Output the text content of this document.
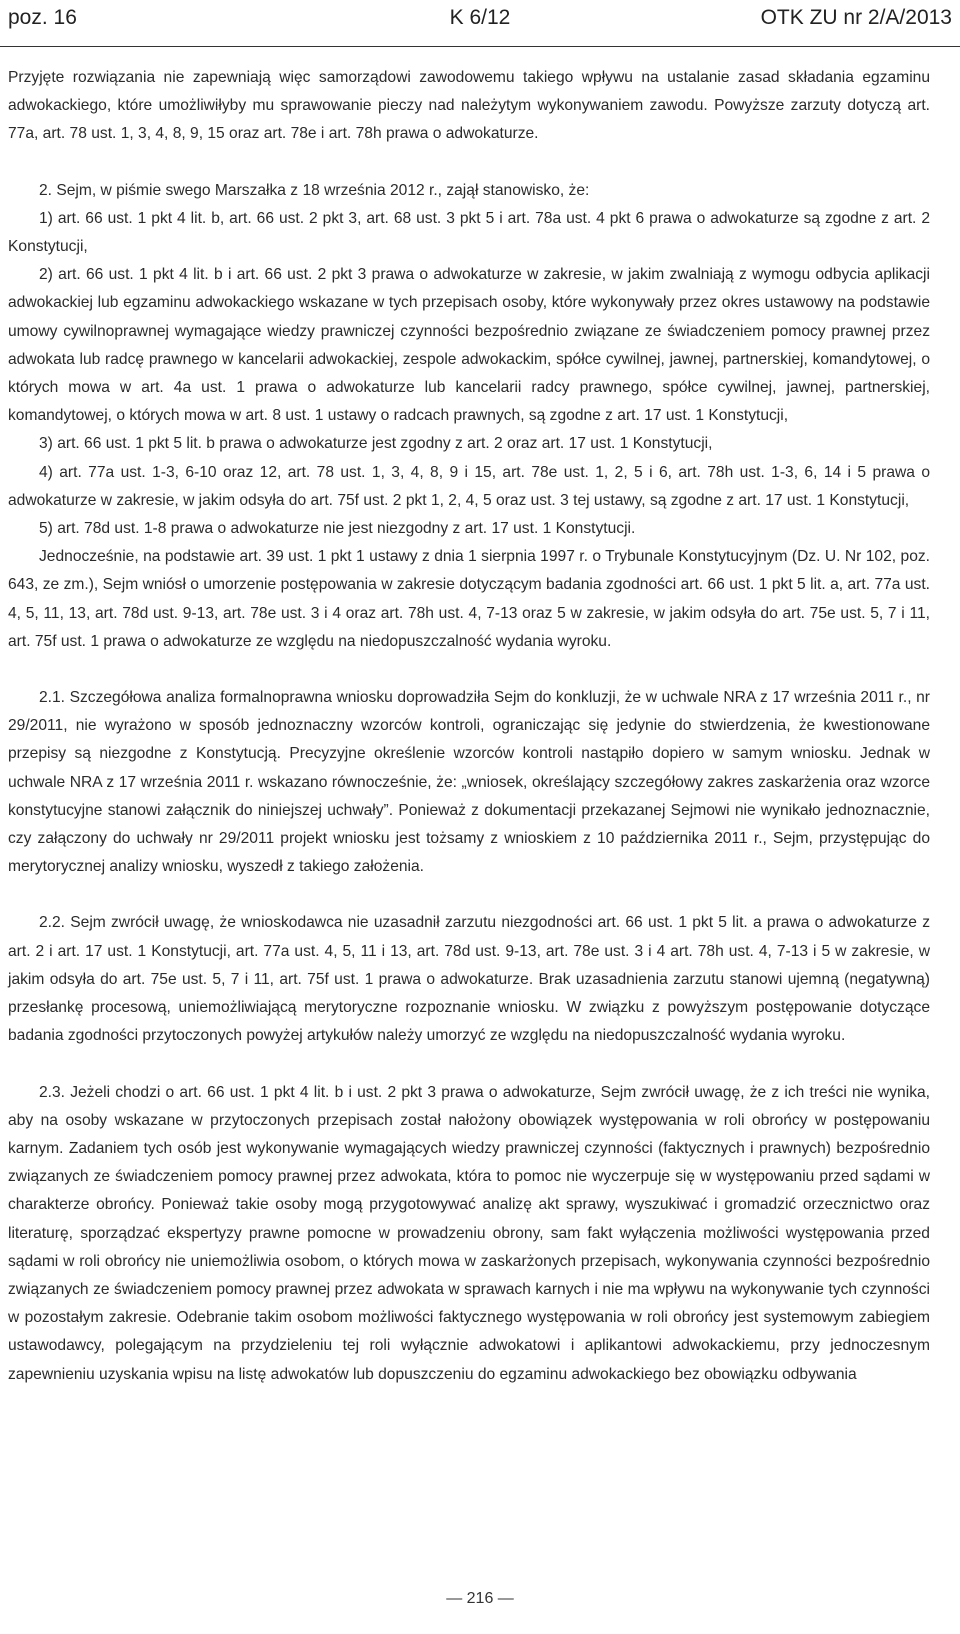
poz. 16	K 6/12	OTK ZU nr 2/A/2013

Przyjęte rozwiązania nie zapewniają więc samorządowi zawodowemu takiego wpływu na ustalanie zasad składania egzaminu adwokackiego, które umożliwiłyby mu sprawowanie pieczy nad należytym wykonywaniem zawodu. Powyższe zarzuty dotyczą art. 77a, art. 78 ust. 1, 3, 4, 8, 9, 15 oraz art. 78e i art. 78h prawa o adwokaturze.

2. Sejm, w piśmie swego Marszałka z 18 września 2012 r., zajął stanowisko, że:

1) art. 66 ust. 1 pkt 4 lit. b, art. 66 ust. 2 pkt 3, art. 68 ust. 3 pkt 5 i art. 78a ust. 4 pkt 6 prawa o adwokaturze są zgodne z art. 2 Konstytucji,

2) art. 66 ust. 1 pkt 4 lit. b i art. 66 ust. 2 pkt 3 prawa o adwokaturze w zakresie, w jakim zwalniają z wymogu odbycia aplikacji adwokackiej lub egzaminu adwokackiego wskazane w tych przepisach osoby, które wykonywały przez okres ustawowy na podstawie umowy cywilnoprawnej wymagające wiedzy prawniczej czynności bezpośrednio związane ze świadczeniem pomocy prawnej przez adwokata lub radcę prawnego w kancelarii adwokackiej, zespole adwokackim, spółce cywilnej, jawnej, partnerskiej, komandytowej, o których mowa w art. 4a ust. 1 prawa o adwokaturze lub kancelarii radcy prawnego, spółce cywilnej, jawnej, partnerskiej, komandytowej, o których mowa w art. 8 ust. 1 ustawy o radcach prawnych, są zgodne z art. 17 ust. 1 Konstytucji,

3) art. 66 ust. 1 pkt 5 lit. b prawa o adwokaturze jest zgodny z art. 2 oraz art. 17 ust. 1 Konstytucji,

4) art. 77a ust. 1-3, 6-10 oraz 12, art. 78 ust. 1, 3, 4, 8, 9 i 15, art. 78e ust. 1, 2, 5 i 6, art. 78h ust. 1-3, 6, 14 i 5 prawa o adwokaturze w zakresie, w jakim odsyła do art. 75f ust. 2 pkt 1, 2, 4, 5 oraz ust. 3 tej ustawy, są zgodne z art. 17 ust. 1 Konstytucji,

5) art. 78d ust. 1-8 prawa o adwokaturze nie jest niezgodny z art. 17 ust. 1 Konstytucji.

Jednocześnie, na podstawie art. 39 ust. 1 pkt 1 ustawy z dnia 1 sierpnia 1997 r. o Trybunale Konstytucyjnym (Dz. U. Nr 102, poz. 643, ze zm.), Sejm wniósł o umorzenie postępowania w zakresie dotyczącym badania zgodności art. 66 ust. 1 pkt 5 lit. a, art. 77a ust. 4, 5, 11, 13, art. 78d ust. 9-13, art. 78e ust. 3 i 4 oraz art. 78h ust. 4, 7-13 oraz 5 w zakresie, w jakim odsyła do art. 75e ust. 5, 7 i 11, art. 75f ust. 1 prawa o adwokaturze ze względu na niedopuszczalność wydania wyroku.

2.1. Szczegółowa analiza formalnoprawna wniosku doprowadziła Sejm do konkluzji, że w uchwale NRA z 17 września 2011 r., nr 29/2011, nie wyrażono w sposób jednoznaczny wzorców kontroli, ograniczając się jedynie do stwierdzenia, że kwestionowane przepisy są niezgodne z Konstytucją. Precyzyjne określenie wzorców kontroli nastąpiło dopiero w samym wniosku. Jednak w uchwale NRA z 17 września 2011 r. wskazano równocześnie, że: „wniosek, określający szczegółowy zakres zaskarżenia oraz wzorce konstytucyjne stanowi załącznik do niniejszej uchwały”. Ponieważ z dokumentacji przekazanej Sejmowi nie wynikało jednoznacznie, czy załączony do uchwały nr 29/2011 projekt wniosku jest tożsamy z wnioskiem z 10 października 2011 r., Sejm, przystępując do merytorycznej analizy wniosku, wyszedł z takiego założenia.

2.2. Sejm zwrócił uwagę, że wnioskodawca nie uzasadnił zarzutu niezgodności art. 66 ust. 1 pkt 5 lit. a prawa o adwokaturze z art. 2 i art. 17 ust. 1 Konstytucji, art. 77a ust. 4, 5, 11 i 13, art. 78d ust. 9-13, art. 78e ust. 3 i 4 art. 78h ust. 4, 7-13 i 5 w zakresie, w jakim odsyła do art. 75e ust. 5, 7 i 11, art. 75f ust. 1 prawa o adwokaturze. Brak uzasadnienia zarzutu stanowi ujemną (negatywną) przesłankę procesową, uniemożliwiającą merytoryczne rozpoznanie wniosku. W związku z powyższym postępowanie dotyczące badania zgodności przytoczonych powyżej artykułów należy umorzyć ze względu na niedopuszczalność wydania wyroku.

2.3. Jeżeli chodzi o art. 66 ust. 1 pkt 4 lit. b i ust. 2 pkt 3 prawa o adwokaturze, Sejm zwrócił uwagę, że z ich treści nie wynika, aby na osoby wskazane w przytoczonych przepisach został nałożony obowiązek występowania w roli obrońcy w postępowaniu karnym. Zadaniem tych osób jest wykonywanie wymagających wiedzy prawniczej czynności (faktycznych i prawnych) bezpośrednio związanych ze świadczeniem pomocy prawnej przez adwokata, która to pomoc nie wyczerpuje się w występowaniu przed sądami w charakterze obrońcy. Ponieważ takie osoby mogą przygotowywać analizę akt sprawy, wyszukiwać i gromadzić orzecznictwo oraz literaturę, sporządzać ekspertyzy prawne pomocne w prowadzeniu obrony, sam fakt wyłączenia możliwości występowania przed sądami w roli obrońcy nie uniemożliwia osobom, o których mowa w zaskarżonych przepisach, wykonywania czynności bezpośrednio związanych ze świadczeniem pomocy prawnej przez adwokata w sprawach karnych i nie ma wpływu na wykonywanie tych czynności w pozostałym zakresie. Odebranie takim osobom możliwości faktycznego występowania w roli obrońcy jest systemowym zabiegiem ustawodawcy, polegającym na przydzieleniu tej roli wyłącznie adwokatowi i aplikantowi adwokackiemu, przy jednoczesnym zapewnieniu uzyskania wpisu na listę adwokatów lub dopuszczeniu do egzaminu adwokackiego bez obowiązku odbywania

— 216 —
